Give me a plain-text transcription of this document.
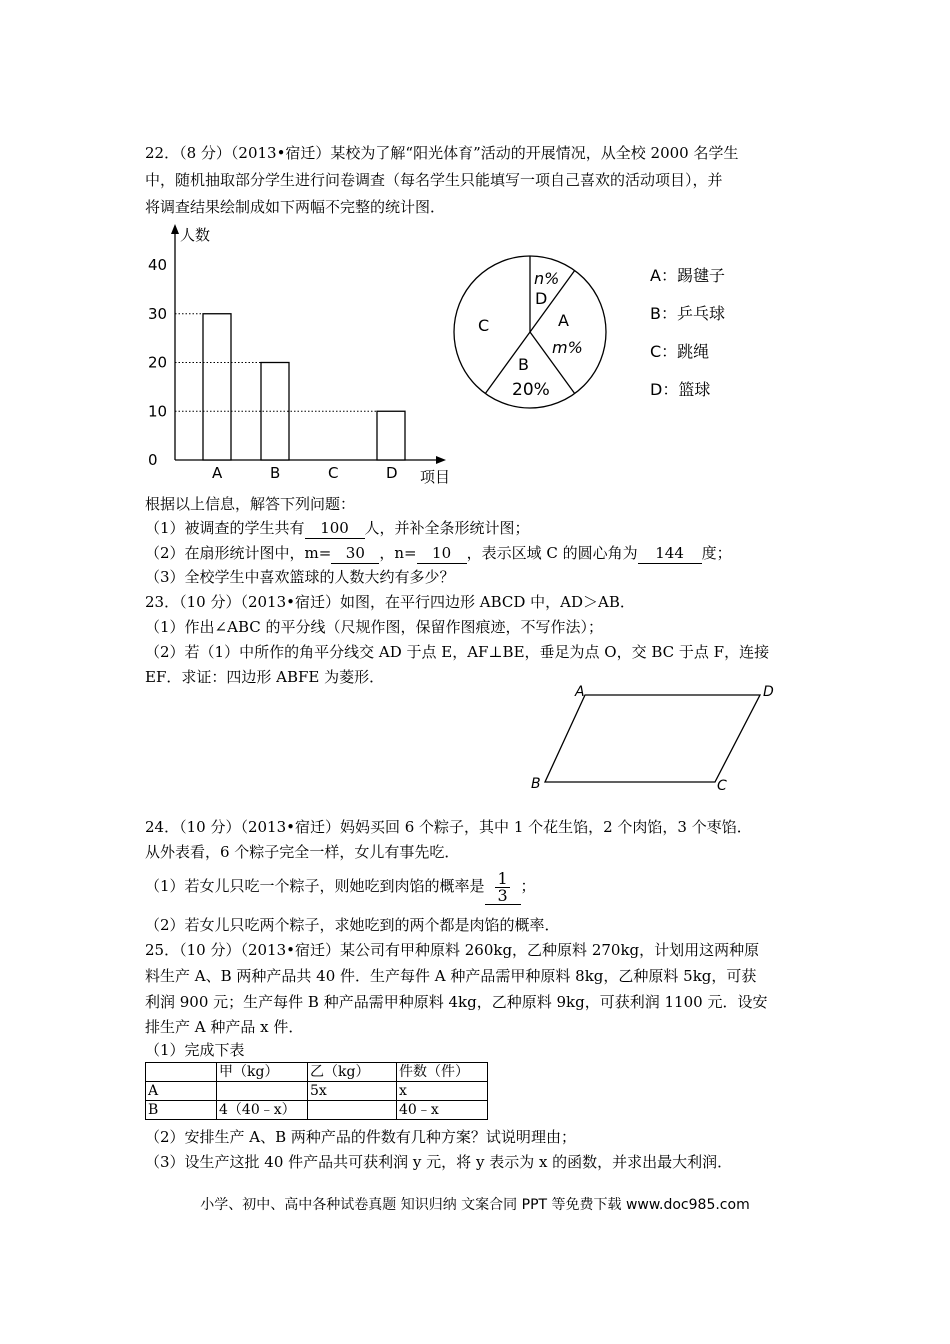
22．（8 分）（2013•宿迁）某校为了解“阳光体育”活动的开展情况，从全校 2000 名学生
中，随机抽取部分学生进行问卷调查（每名学生只能填写一项自己喜欢的活动项目），并
将调查结果绘制成如下两幅不完整的统计图．
人数
项目
0
10
20
30
40
A	B	C	D
n%
D
A
m%
B
20%
C
A：踢毽子
B：乒乓球
C：跳绳
D：篮球
根据以上信息，解答下列问题：
（1）被调查的学生共有 100 人，并补全条形统计图；
（2）在扇形统计图中，m= 30 ，n= 10 ，表示区域 C 的圆心角为 144 度；
（3）全校学生中喜欢篮球的人数大约有多少？
23．（10 分）（2013•宿迁）如图，在平行四边形 ABCD 中，AD＞AB．
（1）作出∠ABC 的平分线（尺规作图，保留作图痕迹，不写作法）；
（2）若（1）中所作的角平分线交 AD 于点 E，AF⊥BE，垂足为点 O，交 BC 于点 F，连接
EF．求证：四边形 ABFE 为菱形．
A	D
B	C
24．（10 分）（2013•宿迁）妈妈买回 6 个粽子，其中 1 个花生馅，2 个肉馅，3 个枣馅．
从外表看，6 个粽子完全一样，女儿有事先吃．
（1）若女儿只吃一个粽子，则她吃到肉馅的概率是 $\frac{1}{3}$ ；
（2）若女儿只吃两个粽子，求她吃到的两个都是肉馅的概率．
25．（10 分）（2013•宿迁）某公司有甲种原料 260kg，乙种原料 270kg，计划用这两种原
料生产 A、B 两种产品共 40 件．生产每件 A 种产品需甲种原料 8kg，乙种原料 5kg，可获
利润 900 元；生产每件 B 种产品需甲种原料 4kg，乙种原料 9kg，可获利润 1100 元．设安
排生产 A 种产品 x 件．
（1）完成下表
	甲（kg）	乙（kg）	件数（件）
A		5x	x
B	4（40﹣x）		40﹣x
（2）安排生产 A、B 两种产品的件数有几种方案？试说明理由；
（3）设生产这批 40 件产品共可获利润 y 元，将 y 表示为 x 的函数，并求出最大利润．
小学、初中、高中各种试卷真题 知识归纳 文案合同 PPT 等免费下载 www.doc985.com
